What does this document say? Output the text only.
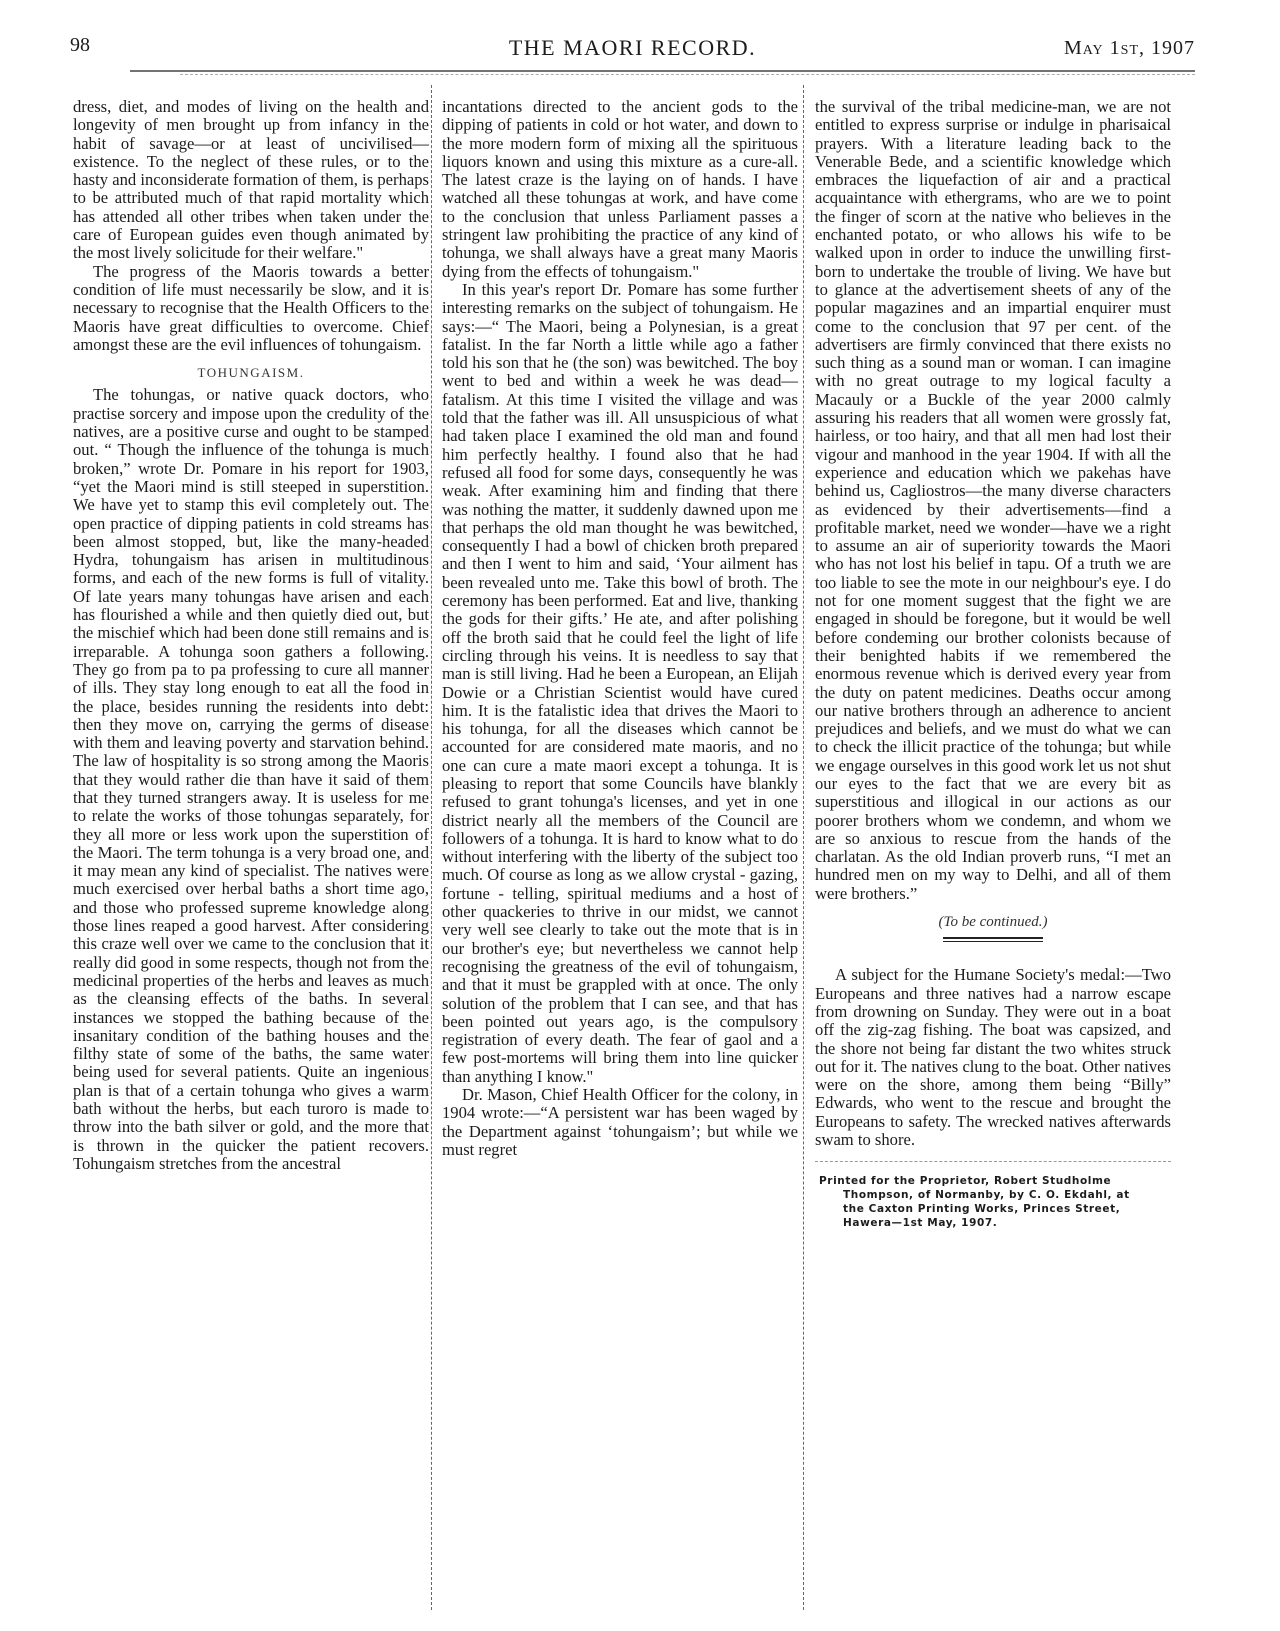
98	THE MAORI RECORD.	May 1st, 1907

dress, diet, and modes of living on the health and longevity of men brought up from infancy in the habit of savage—or at least of uncivilised—existence. To the neglect of these rules, or to the hasty and inconsiderate formation of them, is perhaps to be attributed much of that rapid mortality which has attended all other tribes when taken under the care of European guides even though animated by the most lively solicitude for their welfare."

The progress of the Maoris towards a better condition of life must necessarily be slow, and it is necessary to recognise that the Health Officers to the Maoris have great difficulties to overcome. Chief amongst these are the evil influences of tohungaism.

TOHUNGAISM.

The tohungas, or native quack doctors, who practise sorcery and impose upon the credulity of the natives, are a positive curse and ought to be stamped out. “ Though the influence of the tohunga is much broken,” wrote Dr. Pomare in his report for 1903, “yet the Maori mind is still steeped in superstition. We have yet to stamp this evil completely out. The open practice of dipping patients in cold streams has been almost stopped, but, like the many-headed Hydra, tohungaism has arisen in multitudinous forms, and each of the new forms is full of vitality. Of late years many tohungas have arisen and each has flourished a while and then quietly died out, but the mischief which had been done still remains and is irreparable. A tohunga soon gathers a following. They go from pa to pa professing to cure all manner of ills. They stay long enough to eat all the food in the place, besides running the residents into debt: then they move on, carrying the germs of disease with them and leaving poverty and starvation behind. The law of hospitality is so strong among the Maoris that they would rather die than have it said of them that they turned strangers away. It is useless for me to relate the works of those tohungas separately, for they all more or less work upon the superstition of the Maori. The term tohunga is a very broad one, and it may mean any kind of specialist. The natives were much exercised over herbal baths a short time ago, and those who professed supreme knowledge along those lines reaped a good harvest. After considering this craze well over we came to the conclusion that it really did good in some respects, though not from the medicinal properties of the herbs and leaves as much as the cleansing effects of the baths. In several instances we stopped the bathing because of the insanitary condition of the bathing houses and the filthy state of some of the baths, the same water being used for several patients. Quite an ingenious plan is that of a certain tohunga who gives a warm bath without the herbs, but each turoro is made to throw into the bath silver or gold, and the more that is thrown in the quicker the patient recovers. Tohungaism stretches from the ancestral

incantations directed to the ancient gods to the dipping of patients in cold or hot water, and down to the more modern form of mixing all the spirituous liquors known and using this mixture as a cure-all. The latest craze is the laying on of hands. I have watched all these tohungas at work, and have come to the conclusion that unless Parliament passes a stringent law prohibiting the practice of any kind of tohunga, we shall always have a great many Maoris dying from the effects of tohungaism."

In this year's report Dr. Pomare has some further interesting remarks on the subject of tohungaism. He says:—“ The Maori, being a Polynesian, is a great fatalist. In the far North a little while ago a father told his son that he (the son) was bewitched. The boy went to bed and within a week he was dead—fatalism. At this time I visited the village and was told that the father was ill. All unsuspicious of what had taken place I examined the old man and found him perfectly healthy. I found also that he had refused all food for some days, consequently he was weak. After examining him and finding that there was nothing the matter, it suddenly dawned upon me that perhaps the old man thought he was bewitched, consequently I had a bowl of chicken broth prepared and then I went to him and said, ‘Your ailment has been revealed unto me. Take this bowl of broth. The ceremony has been performed. Eat and live, thanking the gods for their gifts.’ He ate, and after polishing off the broth said that he could feel the light of life circling through his veins. It is needless to say that man is still living. Had he been a European, an Elijah Dowie or a Christian Scientist would have cured him. It is the fatalistic idea that drives the Maori to his tohunga, for all the diseases which cannot be accounted for are considered mate maoris, and no one can cure a mate maori except a tohunga. It is pleasing to report that some Councils have blankly refused to grant tohunga's licenses, and yet in one district nearly all the members of the Council are followers of a tohunga. It is hard to know what to do without interfering with the liberty of the subject too much. Of course as long as we allow crystal - gazing, fortune - telling, spiritual mediums and a host of other quackeries to thrive in our midst, we cannot very well see clearly to take out the mote that is in our brother's eye; but nevertheless we cannot help recognising the greatness of the evil of tohungaism, and that it must be grappled with at once. The only solution of the problem that I can see, and that has been pointed out years ago, is the compulsory registration of every death. The fear of gaol and a few post-mortems will bring them into line quicker than anything I know."

Dr. Mason, Chief Health Officer for the colony, in 1904 wrote:—“A persistent war has been waged by the Department against ‘tohungaism’; but while we must regret

the survival of the tribal medicine-man, we are not entitled to express surprise or indulge in pharisaical prayers. With a literature leading back to the Venerable Bede, and a scientific knowledge which embraces the liquefaction of air and a practical acquaintance with ethergrams, who are we to point the finger of scorn at the native who believes in the enchanted potato, or who allows his wife to be walked upon in order to induce the unwilling first-born to undertake the trouble of living. We have but to glance at the advertisement sheets of any of the popular magazines and an impartial enquirer must come to the conclusion that 97 per cent. of the advertisers are firmly convinced that there exists no such thing as a sound man or woman. I can imagine with no great outrage to my logical faculty a Macauly or a Buckle of the year 2000 calmly assuring his readers that all women were grossly fat, hairless, or too hairy, and that all men had lost their vigour and manhood in the year 1904. If with all the experience and education which we pakehas have behind us, Cagliostros—the many diverse characters as evidenced by their advertisements—find a profitable market, need we wonder—have we a right to assume an air of superiority towards the Maori who has not lost his belief in tapu. Of a truth we are too liable to see the mote in our neighbour's eye. I do not for one moment suggest that the fight we are engaged in should be foregone, but it would be well before condeming our brother colonists because of their benighted habits if we remembered the enormous revenue which is derived every year from the duty on patent medicines. Deaths occur among our native brothers through an adherence to ancient prejudices and beliefs, and we must do what we can to check the illicit practice of the tohunga; but while we engage ourselves in this good work let us not shut our eyes to the fact that we are every bit as superstitious and illogical in our actions as our poorer brothers whom we condemn, and whom we are so anxious to rescue from the hands of the charlatan. As the old Indian proverb runs, “I met an hundred men on my way to Delhi, and all of them were brothers.”

(To be continued.)

A subject for the Humane Society's medal:—Two Europeans and three natives had a narrow escape from drowning on Sunday. They were out in a boat off the zig-zag fishing. The boat was capsized, and the shore not being far distant the two whites struck out for it. The natives clung to the boat. Other natives were on the shore, among them being “Billy” Edwards, who went to the rescue and brought the Europeans to safety. The wrecked natives afterwards swam to shore.

Printed for the Proprietor, Robert Studholme
Thompson, of Normanby, by C. O. Ekdahl, at
the Caxton Printing Works, Princes Street,
Hawera—1st May, 1907.
